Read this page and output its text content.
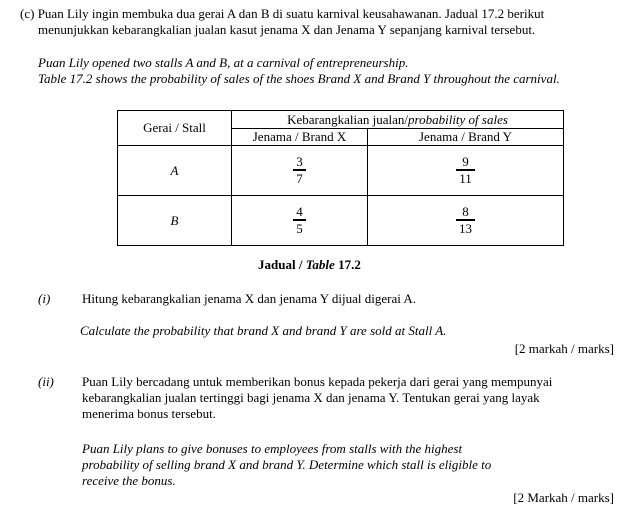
(c) Puan Lily ingin membuka dua gerai A dan B di suatu karnival keusahawanan. Jadual 17.2 berikut
menunjukkan kebarangkalian jualan kasut jenama X dan Jenama Y sepanjang karnival tersebut.
Puan Lily opened two stalls A and B, at a carnival of entrepreneurship.
Table 17.2 shows the probability of sales of the shoes Brand X and Brand Y throughout the carnival.
Gerai / Stall	Kebarangkalian jualan/probability of sales	
	Jenama / Brand X	Jenama / Brand Y
A	$\frac{3}{7}$	$\frac{9}{11}$

B	$\frac{4}{5}$	$\frac{8}{13}$
Jadual / Table 17.2
(i) Hitung kebarangkalian jenama X dan jenama Y dijual digerai A.
Calculate the probability that brand X and brand Y are sold at Stall A.
[2 markah / marks]
(ii) Puan Lily bercadang untuk memberikan bonus kepada pekerja dari gerai yang mempunyai
kebarangkalian jualan tertinggi bagi jenama X dan jenama Y. Tentukan gerai yang layak
menerima bonus tersebut.
Puan Lily plans to give bonuses to employees from stalls with the highest
probability of selling brand X and brand Y. Determine which stall is eligible to
receive the bonus.
[2 Markah / marks]
